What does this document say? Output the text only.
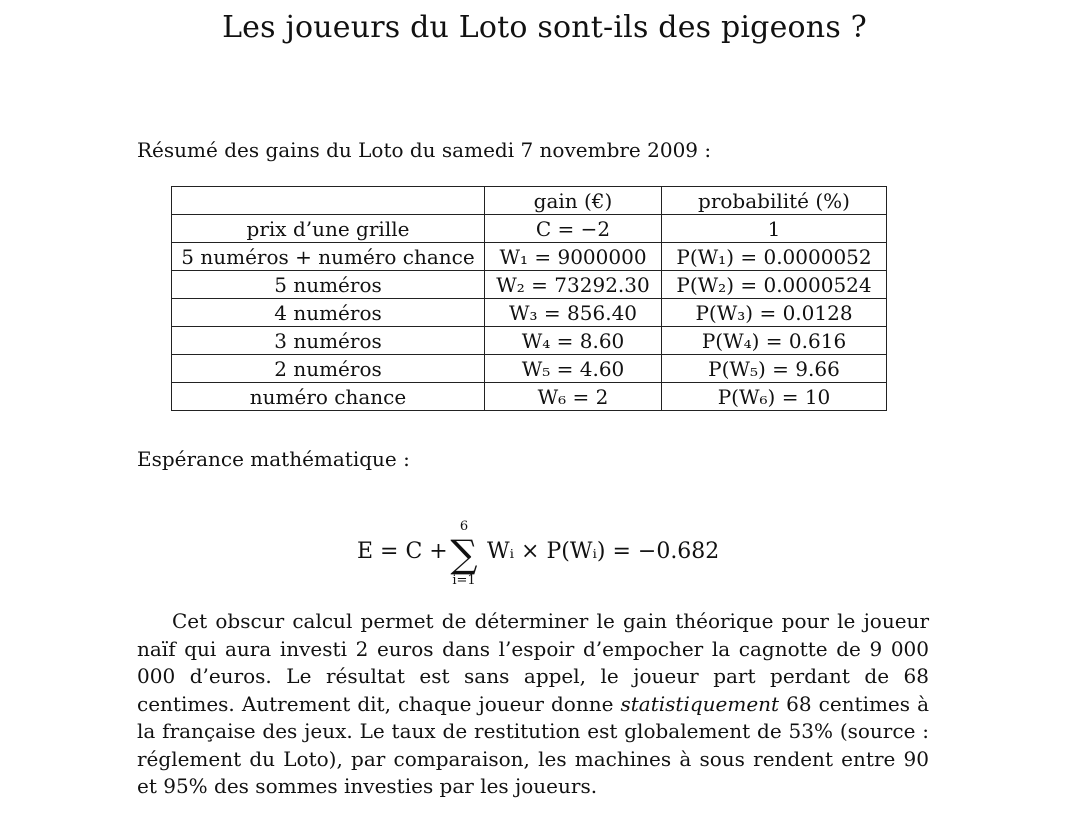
Les joueurs du Loto sont-ils des pigeons ?
Résumé des gains du Loto du samedi 7 novembre 2009 :
	gain (€)	probabilité (%)
prix d’une grille	C = −2	1
5 numéros + numéro chance	W₁ = 9000000	P(W₁) = 0.0000052
5 numéros	W₂ = 73292.30	P(W₂) = 0.0000524
4 numéros	W₃ = 856.40	P(W₃) = 0.0128
3 numéros	W₄ = 8.60	P(W₄) = 0.616
2 numéros	W₅ = 4.60	P(W₅) = 9.66
numéro chance	W₆ = 2	P(W₆) = 10
Espérance mathématique :
E = C +
6
∑
i=1
Wᵢ × P(Wᵢ) = −0.682

Cet obscur calcul permet de déterminer le gain théorique pour le joueur naïf qui aura investi 2 euros dans l’espoir d’empocher la cagnotte de 9 000 000 d’euros. Le résultat est sans appel, le joueur part perdant de 68 centimes. Autrement dit, chaque joueur donne statistiquement 68 centimes à la française des jeux. Le taux de restitution est globalement de 53% (source : réglement du Loto), par comparaison, les machines à sous rendent entre 90 et 95% des sommes investies par les joueurs.
